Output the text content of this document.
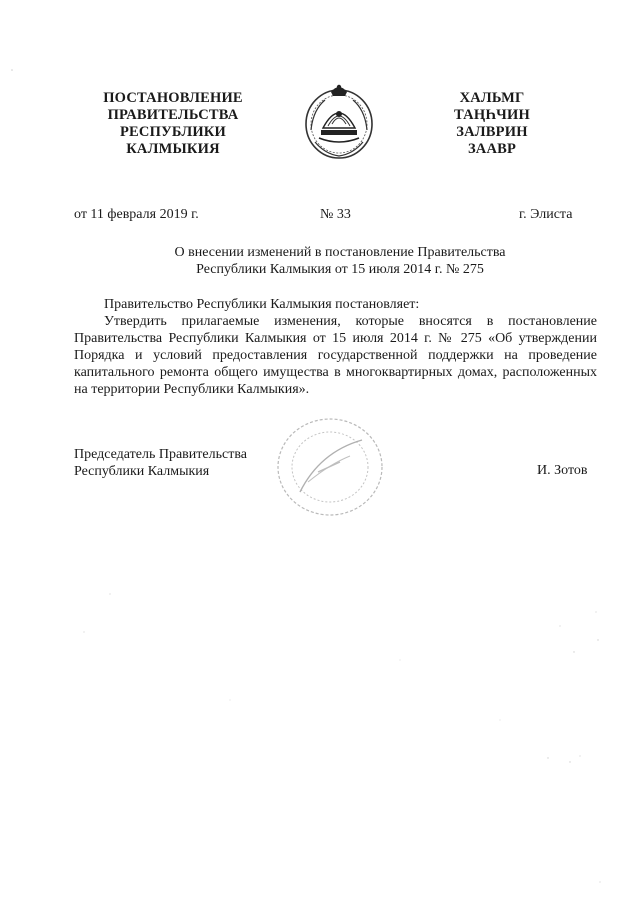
ПОСТАНОВЛЕНИЕ
ПРАВИТЕЛЬСТВА
РЕСПУБЛИКИ
КАЛМЫКИЯ
ХАЛЬМГ
ТАҢҺЧИН
ЗАЛВРИН
ЗААВР
от 11 февраля 2019 г.	№ 33	г. Элиста
О внесении изменений в постановление Правительства
Республики Калмыкия от 15 июля 2014 г. № 275
Правительство Республики Калмыкия постановляет:
Утвердить прилагаемые изменения, которые вносятся в постановление Правительства Республики Калмыкия от 15 июля 2014 г. № 275 «Об утверждении Порядка и условий предоставления государственной поддержки на проведение капитального ремонта общего имущества в многоквартирных домах, расположенных на территории Республики Калмыкия».
Председатель Правительства
Республики Калмыкия	И. Зотов
